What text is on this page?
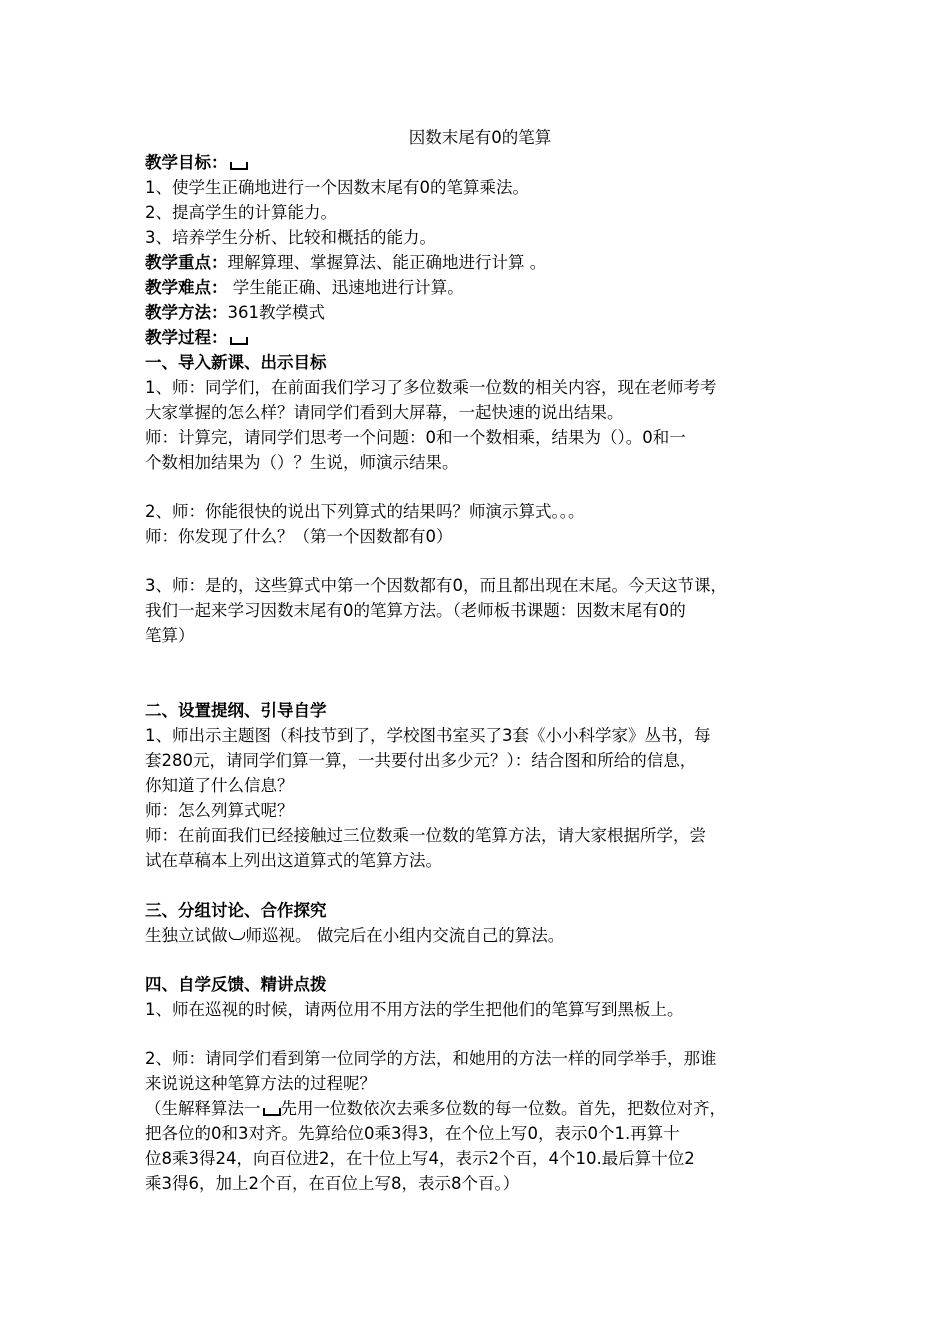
因数末尾有0的笔算
教学目标：
1、使学生正确地进行一个因数末尾有0的笔算乘法。
2、提高学生的计算能力。
3、培养学生分析、比较和概括的能力。
教学重点：理解算理、掌握算法、能正确地进行计算 。
教学难点： 学生能正确、迅速地进行计算。
教学方法：361教学模式
教学过程：
一、导入新课、出示目标
1、师：同学们，在前面我们学习了多位数乘一位数的相关内容，现在老师考考
大家掌握的怎么样？请同学们看到大屏幕，一起快速的说出结果。
师：计算完，请同学们思考一个问题：0和一个数相乘，结果为（）。0和一
个数相加结果为（）？生说，师演示结果。
2、师：你能很快的说出下列算式的结果吗？师演示算式。。。
师：你发现了什么？（第一个因数都有0）
3、师：是的，这些算式中第一个因数都有0，而且都出现在末尾。今天这节课，
我们一起来学习因数末尾有0的笔算方法。（老师板书课题：因数末尾有0的
笔算）
二、设置提纲、引导自学
1、师出示主题图（科技节到了，学校图书室买了3套《小小科学家》丛书，每
套280元，请同学们算一算，一共要付出多少元？）：结合图和所给的信息，
你知道了什么信息？
师：怎么列算式呢？
师：在前面我们已经接触过三位数乘一位数的笔算方法，请大家根据所学，尝
试在草稿本上列出这道算式的笔算方法。
三、分组讨论、合作探究
生独立试做 师巡视。 做完后在小组内交流自己的算法。
四、自学反馈、精讲点拨
1、师在巡视的时候，请两位用不用方法的学生把他们的笔算写到黑板上。
2、师：请同学们看到第一位同学的方法，和她用的方法一样的同学举手，那谁
来说说这种笔算方法的过程呢？
（生解释算法一 先用一位数依次去乘多位数的每一位数。首先，把数位对齐，
把各位的0和3对齐。先算给位0乘3得3，在个位上写0，表示0个1.再算十
位8乘3得24，向百位进2，在十位上写4，表示2个百，4个10.最后算十位2
乘3得6，加上2个百，在百位上写8，表示8个百。）
